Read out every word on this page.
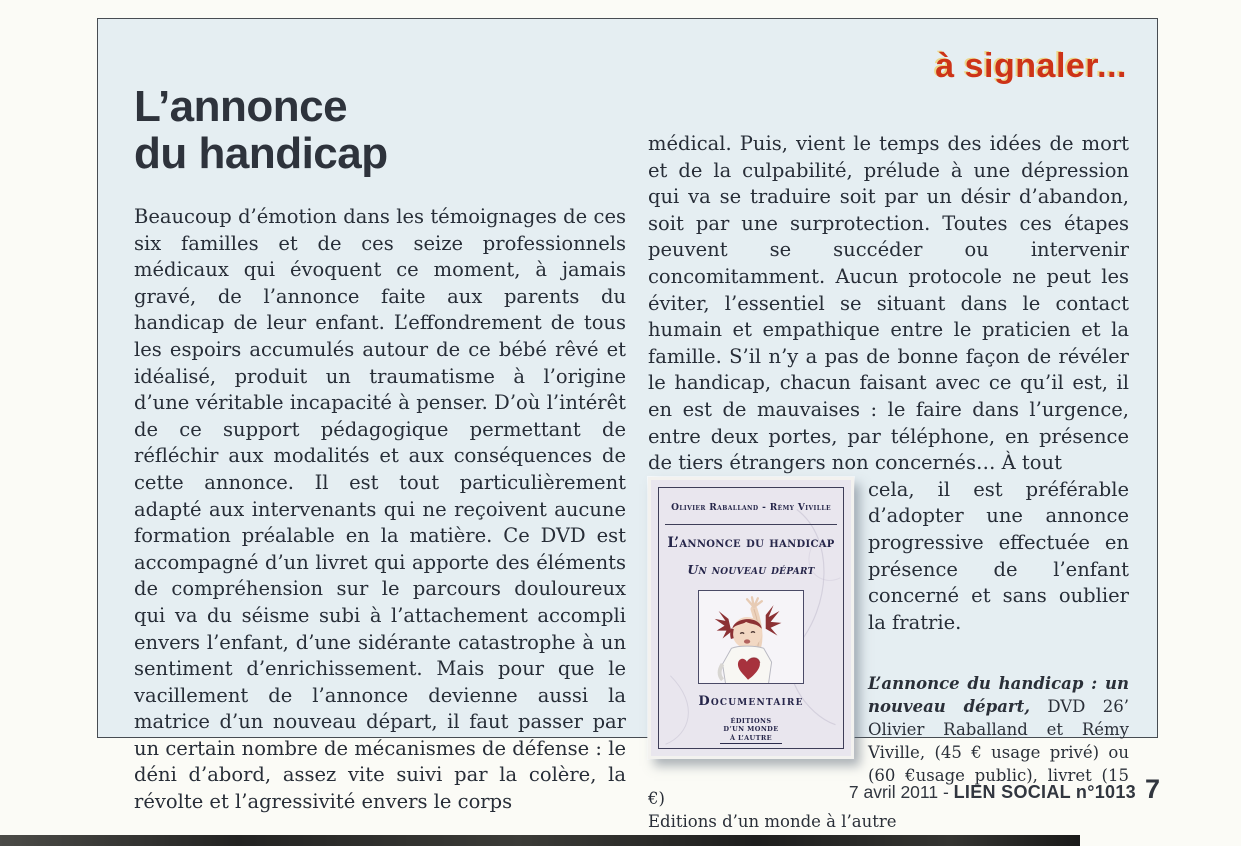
à signaler...
L’annonce
du handicap

Beaucoup d’émotion dans les témoignages de ces six familles et de ces seize professionnels médicaux qui évoquent ce moment, à jamais gravé, de l’annonce faite aux parents du handicap de leur enfant. L’effondrement de tous les espoirs accumulés autour de ce bébé rêvé et idéalisé, produit un traumatisme à l’origine d’une véritable incapacité à penser. D’où l’intérêt de ce support pédagogique permettant de réfléchir aux modalités et aux conséquences de cette annonce. Il est tout particulièrement adapté aux intervenants qui ne reçoivent aucune formation préalable en la matière. Ce DVD est accompagné d’un livret qui apporte des éléments de compréhension sur le parcours douloureux qui va du séisme subi à l’attachement accompli envers l’enfant, d’une sidérante catastrophe à un sentiment d’enrichissement. Mais pour que le vacillement de l’annonce devienne aussi la matrice d’un nouveau départ, il faut passer par un certain nombre de mécanismes de défense : le déni d’abord, assez vite suivi par la colère, la révolte et l’agressivité envers le corps

médical. Puis, vient le temps des idées de mort et de la culpabilité, prélude à une dépression qui va se traduire soit par un désir d’abandon, soit par une surprotection. Toutes ces étapes peuvent se succéder ou intervenir concomitamment. Aucun protocole ne peut les éviter, l’essentiel se situant dans le contact humain et empathique entre le praticien et la famille. S’il n’y a pas de bonne façon de révéler le handicap, chacun faisant avec ce qu’il est, il en est de mauvaises : le faire dans l’urgence, entre deux portes, par téléphone, en présence de tiers étrangers non concernés… À tout

Olivier Raballand - Rémy Viville
L’annonce du handicap
Un nouveau départ
Documentaire
ÉDITIONS
D’UN MONDE
À L’AUTRE

cela, il est préférable d’adopter une annonce progressive effectuée en présence de l’enfant concerné et sans oublier la fratrie.

L’annonce du handicap : un nouveau départ, DVD 26’ Olivier Raballand et Rémy Viville, (45 € usage privé) ou (60 €usage public), livret (15 €)

Editions d’un monde à l’autre
7 avril 2011 - LIEN SOCIAL n°1013 7
